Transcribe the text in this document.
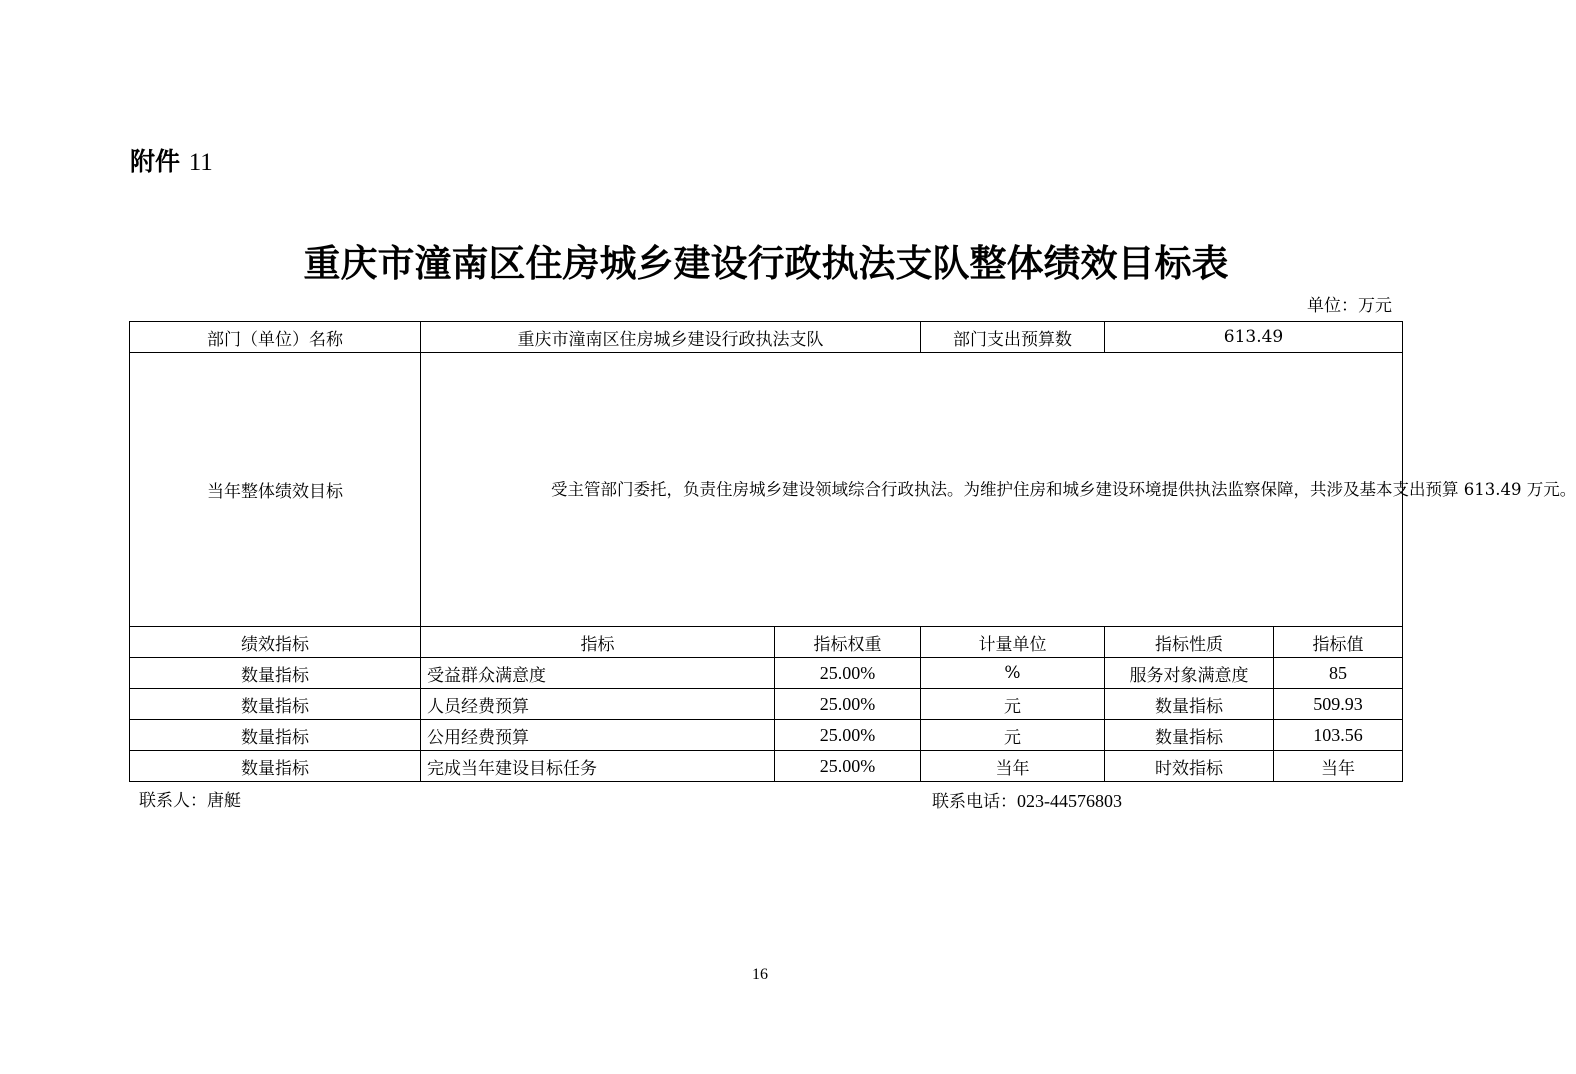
附件 11
重庆市潼南区住房城乡建设行政执法支队整体绩效目标表
单位：万元
部门（单位）名称	重庆市潼南区住房城乡建设行政执法支队		部门支出预算数	613.49	
当年整体绩效目标	受主管部门委托，负责住房城乡建设领域综合行政执法。为维护住房和城乡建设环境提供执法监察保障，共涉及基本支出预算 613.49 万元。				
绩效指标	指标	指标权重	计量单位	指标性质	指标值
数量指标	受益群众满意度	25.00%	%	服务对象满意度	85
数量指标	人员经费预算	25.00%	元	数量指标	509.93
数量指标	公用经费预算	25.00%	元	数量指标	103.56
数量指标	完成当年建设目标任务	25.00%	当年	时效指标	当年
联系人：唐艇	联系电话：023-44576803
16
